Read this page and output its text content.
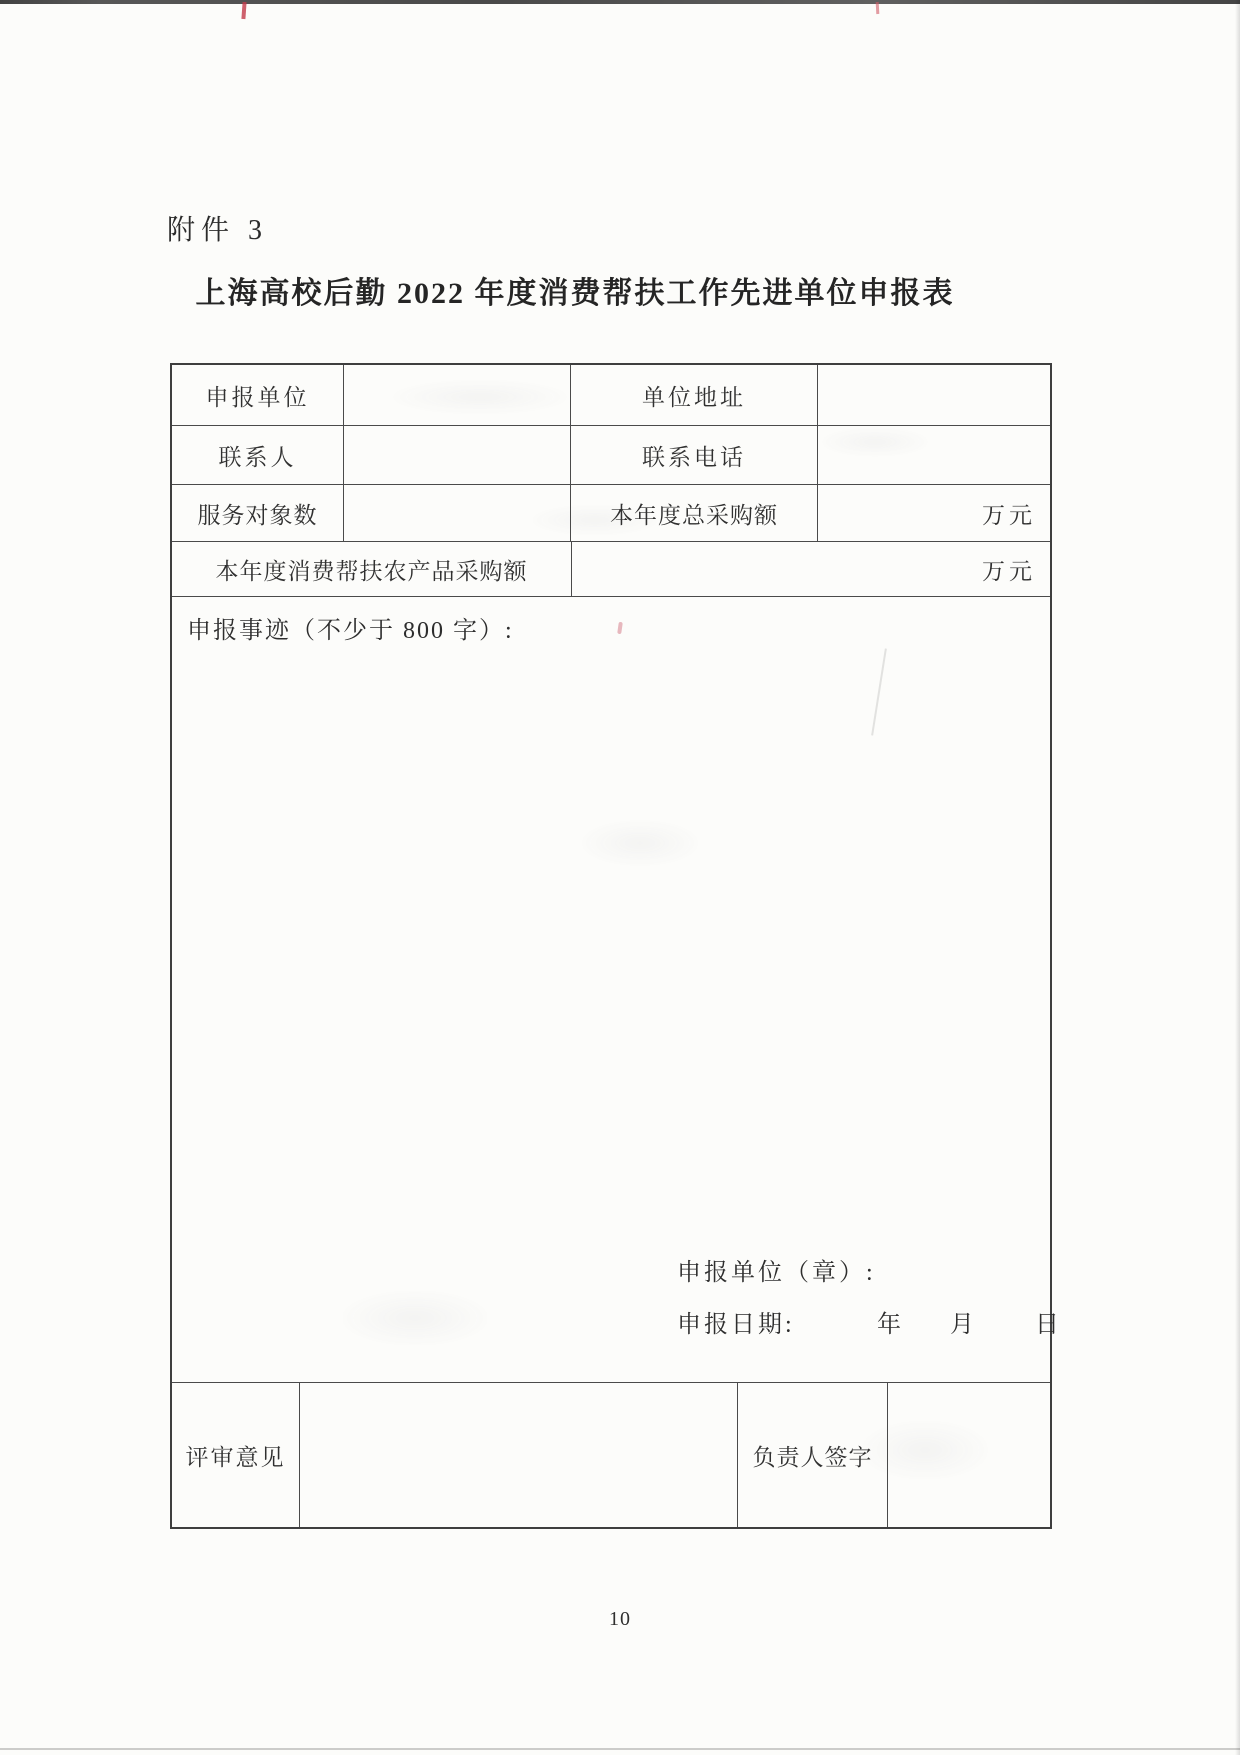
附件 3
上海高校后勤 2022 年度消费帮扶工作先进单位申报表
申报单位	单位地址
联系人	联系电话
服务对象数	本年度总采购额	万元
本年度消费帮扶农产品采购额	万元
申报事迹（不少于 800 字）:
申报单位（章）:
申报日期:	年 月 日
评审意见	负责人签字
10
